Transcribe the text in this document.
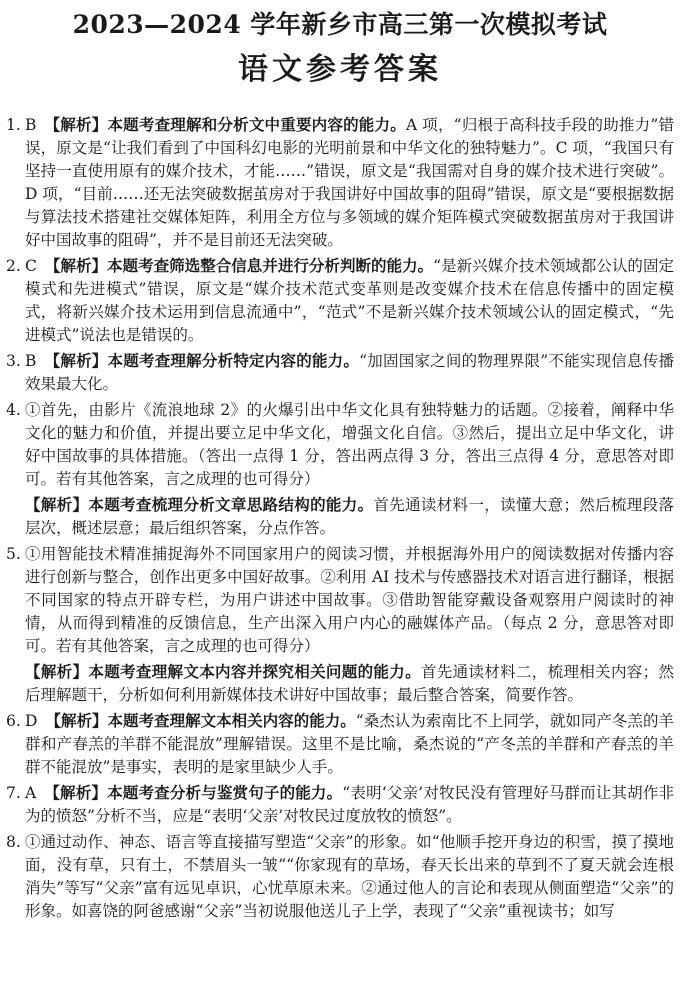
2023—2024 学年新乡市高三第一次模拟考试
语文参考答案
1. B 【解析】本题考查理解和分析文中重要内容的能力。A 项，“归根于高科技手段的助推力”错误，原文是“让我们看到了中国科幻电影的光明前景和中华文化的独特魅力”。C 项，“我国只有坚持一直使用原有的媒介技术，才能……”错误，原文是“我国需对自身的媒介技术进行突破”。D 项，“目前……还无法突破数据茧房对于我国讲好中国故事的阻碍”错误，原文是“要根据数据与算法技术搭建社交媒体矩阵，利用全方位与多领域的媒介矩阵模式突破数据茧房对于我国讲好中国故事的阻碍”，并不是目前还无法突破。
2. C 【解析】本题考查筛选整合信息并进行分析判断的能力。“是新兴媒介技术领域都公认的固定模式和先进模式”错误，原文是“媒介技术范式变革则是改变媒介技术在信息传播中的固定模式，将新兴媒介技术运用到信息流通中”，“范式”不是新兴媒介技术领域公认的固定模式，“先进模式”说法也是错误的。
3. B 【解析】本题考查理解分析特定内容的能力。“加固国家之间的物理界限”不能实现信息传播效果最大化。
4. ①首先，由影片《流浪地球 2》的火爆引出中华文化具有独特魅力的话题。②接着，阐释中华文化的魅力和价值，并提出要立足中华文化，增强文化自信。③然后，提出立足中华文化，讲好中国故事的具体措施。（答出一点得 1 分，答出两点得 3 分，答出三点得 4 分，意思答对即可。若有其他答案，言之成理的也可得分）
【解析】本题考查梳理分析文章思路结构的能力。首先通读材料一，读懂大意；然后梳理段落层次，概述层意；最后组织答案，分点作答。
5. ①用智能技术精准捕捉海外不同国家用户的阅读习惯，并根据海外用户的阅读数据对传播内容进行创新与整合，创作出更多中国好故事。②利用 AI 技术与传感器技术对语言进行翻译，根据不同国家的特点开辟专栏，为用户讲述中国故事。③借助智能穿戴设备观察用户阅读时的神情，从而得到精准的反馈信息，生产出深入用户内心的融媒体产品。（每点 2 分，意思答对即可。若有其他答案，言之成理的也可得分）
【解析】本题考查理解文本内容并探究相关问题的能力。首先通读材料二，梳理相关内容；然后理解题干，分析如何利用新媒体技术讲好中国故事；最后整合答案，简要作答。
6. D 【解析】本题考查理解文本相关内容的能力。“桑杰认为索南比不上同学，就如同产冬羔的羊群和产春羔的羊群不能混放”理解错误。这里不是比喻，桑杰说的“产冬羔的羊群和产春羔的羊群不能混放”是事实，表明的是家里缺少人手。
7. A 【解析】本题考查分析与鉴赏句子的能力。“表明‘父亲’对牧民没有管理好马群而让其胡作非为的愤怒”分析不当，应是“表明‘父亲’对牧民过度放牧的愤怒”。
8. ①通过动作、神态、语言等直接描写塑造“父亲”的形象。如“他顺手挖开身边的积雪，摸了摸地面，没有草，只有土，不禁眉头一皱”“你家现有的草场，春天长出来的草到不了夏天就会连根消失”等写“父亲”富有远见卓识，心忧草原未来。②通过他人的言论和表现从侧面塑造“父亲”的形象。如喜饶的阿爸感谢“父亲”当初说服他送儿子上学，表现了“父亲”重视读书；如写
